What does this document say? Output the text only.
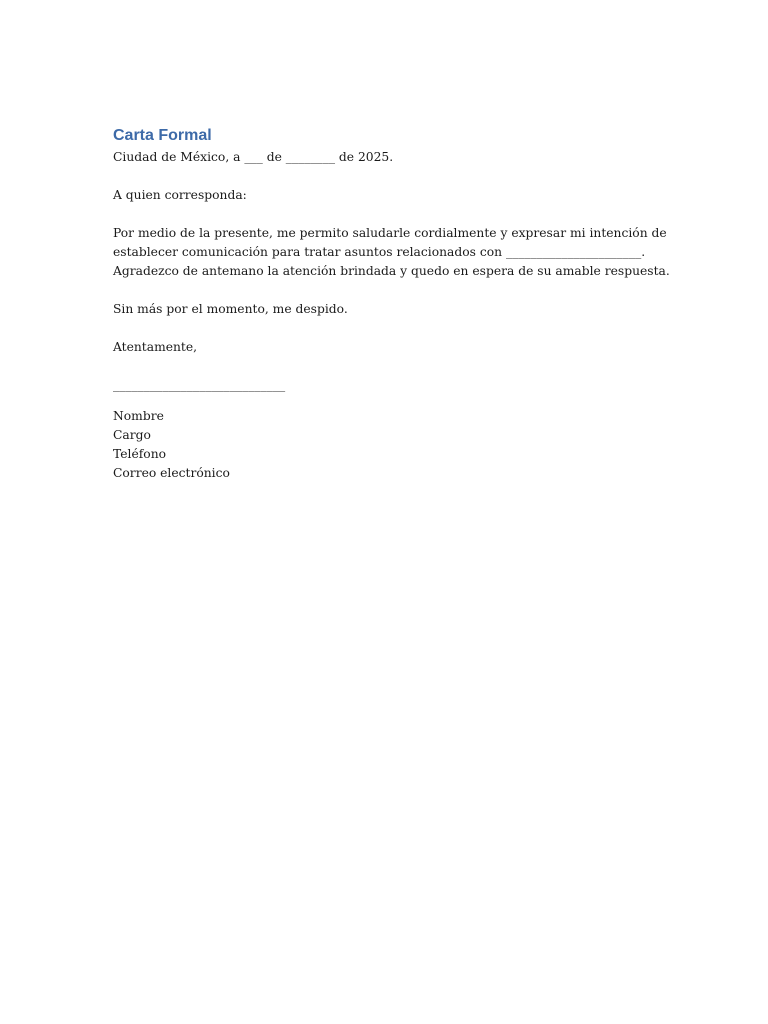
Carta Formal

Ciudad de México, a ___ de ________ de 2025.

A quien corresponda:

Por medio de la presente, me permito saludarle cordialmente y expresar mi intención de

establecer comunicación para tratar asuntos relacionados con ______________________.

Agradezco de antemano la atención brindada y quedo en espera de su amable respuesta.

Sin más por el momento, me despido.

Atentamente,

____________________________

Nombre

Cargo

Teléfono

Correo electrónico
